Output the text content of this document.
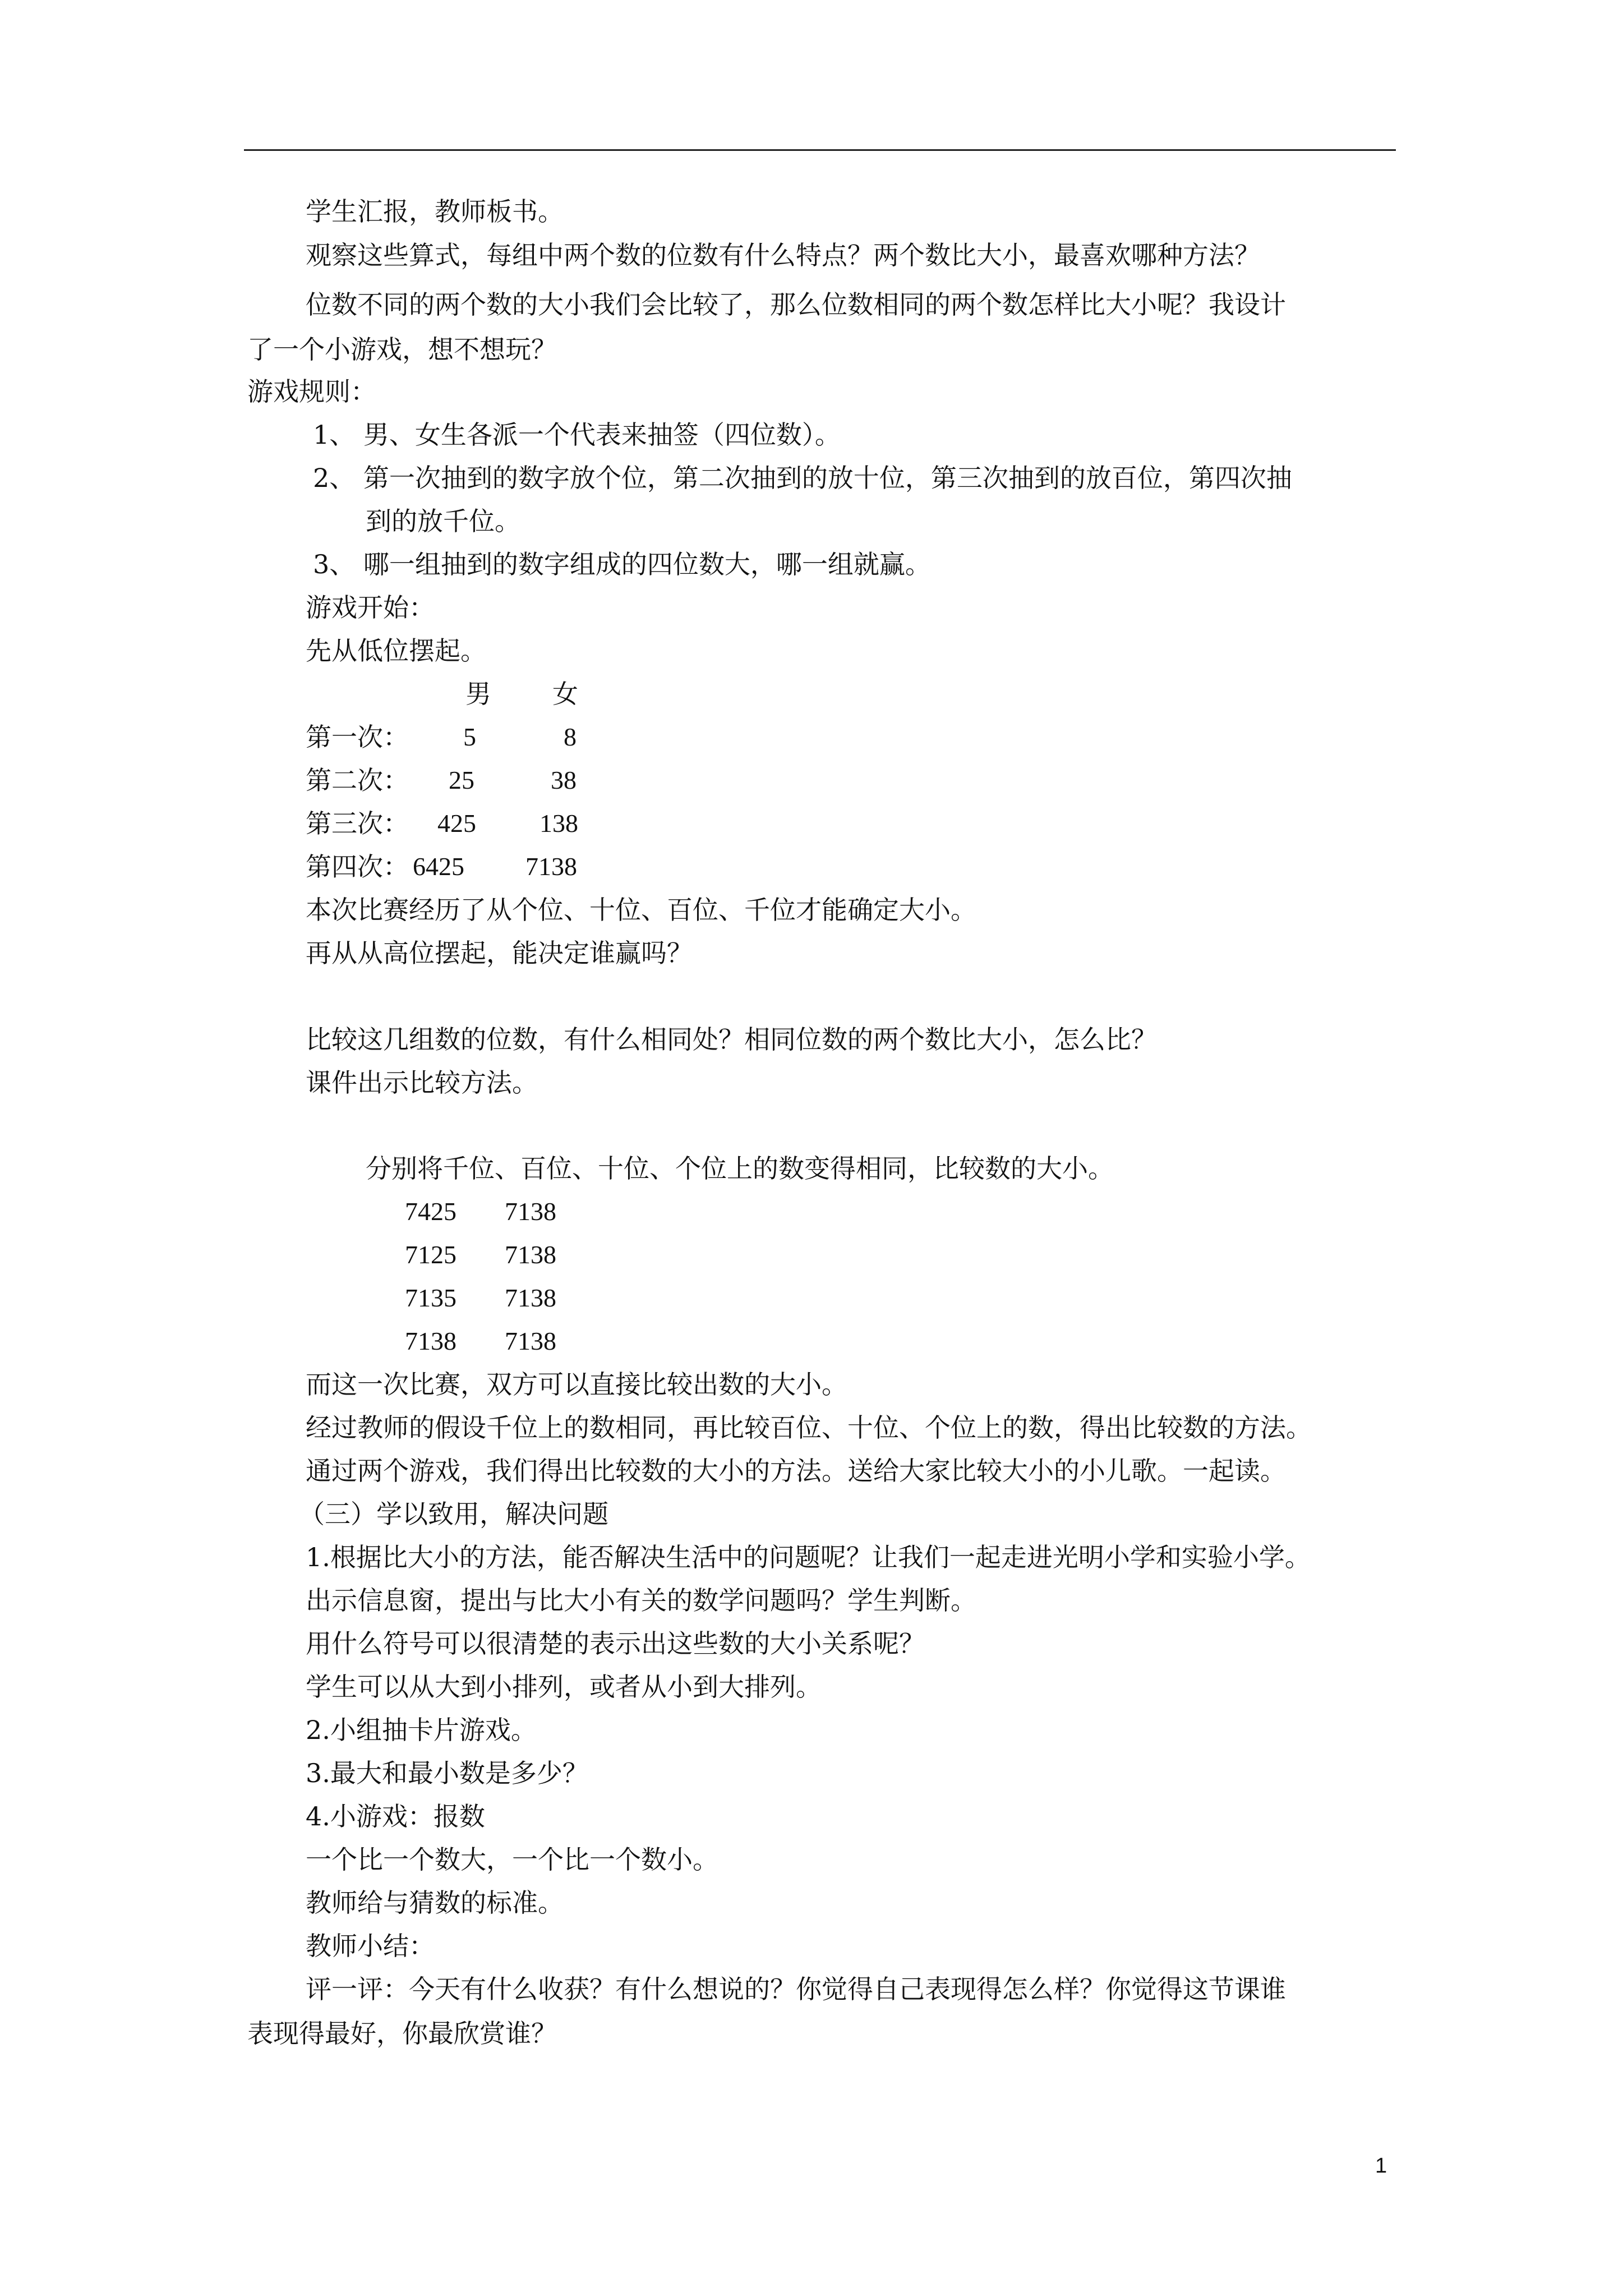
学生汇报，教师板书。
观察这些算式，每组中两个数的位数有什么特点？两个数比大小，最喜欢哪种方法？
位数不同的两个数的大小我们会比较了，那么位数相同的两个数怎样比大小呢？我设计
了一个小游戏，想不想玩？
游戏规则：
1、 男、女生各派一个代表来抽签（四位数）。
2、 第一次抽到的数字放个位，第二次抽到的放十位，第三次抽到的放百位，第四次抽
到的放千位。
3、 哪一组抽到的数字组成的四位数大，哪一组就赢。
游戏开始：
先从低位摆起。
男 女
第一次： 5	8
第二次： 25	38
第三次： 425 138
第四次： 6425 7138
本次比赛经历了从个位、十位、百位、千位才能确定大小。
再从从高位摆起，能决定谁赢吗？
比较这几组数的位数，有什么相同处？相同位数的两个数比大小，怎么比？
课件出示比较方法。
分别将千位、百位、十位、个位上的数变得相同，比较数的大小。
7425 7138
7125 7138
7135 7138
7138 7138
而这一次比赛，双方可以直接比较出数的大小。
经过教师的假设千位上的数相同，再比较百位、十位、个位上的数，得出比较数的方法。
通过两个游戏，我们得出比较数的大小的方法。送给大家比较大小的小儿歌。一起读。
（三）学以致用，解决问题
1.根据比大小的方法，能否解决生活中的问题呢？让我们一起走进光明小学和实验小学。
出示信息窗，提出与比大小有关的数学问题吗？学生判断。
用什么符号可以很清楚的表示出这些数的大小关系呢？
学生可以从大到小排列，或者从小到大排列。
2.小组抽卡片游戏。
3.最大和最小数是多少？
4.小游戏：报数
一个比一个数大，一个比一个数小。
教师给与猜数的标准。
教师小结：
评一评：今天有什么收获？有什么想说的？你觉得自己表现得怎么样？你觉得这节课谁
表现得最好，你最欣赏谁？
1
